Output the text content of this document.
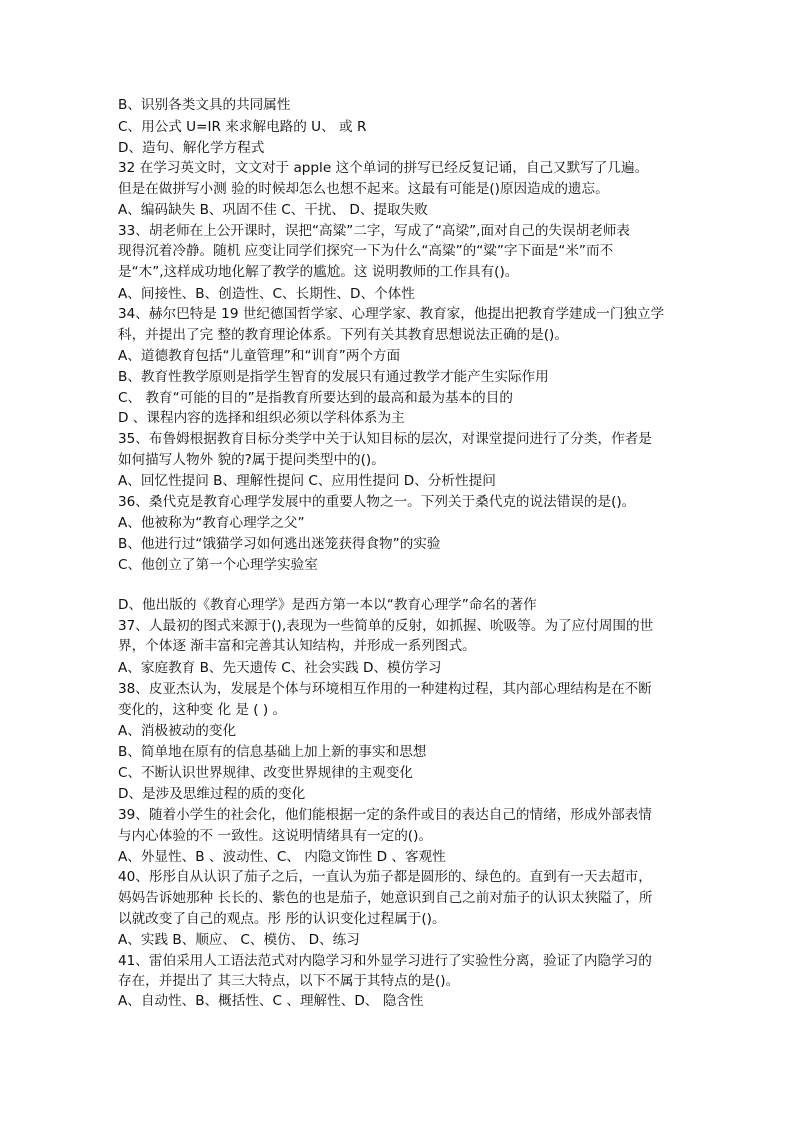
B、识别各类文具的共同属性
C、用公式 U=IR 来求解电路的 U、 或 R
D、造句、解化学方程式
32 在学习英文时，文文对于 apple 这个单词的拼写已经反复记诵，自己又默写了几遍。
但是在做拼写小测 验的时候却怎么也想不起来。这最有可能是()原因造成的遗忘。
A、编码缺失 B、巩固不佳 C、干扰、 D、提取失败
33、胡老师在上公开课时，误把“高粱”二字，写成了“高梁”,面对自己的失误胡老师表
现得沉着冷静。随机 应变让同学们探究一下为什么“高粱”的“粱”字下面是“米”而不
是“木”,这样成功地化解了教学的尴尬。这 说明教师的工作具有()。
A、间接性、B、创造性、C、长期性、D、个体性
34、赫尔巴特是 19 世纪德国哲学家、心理学家、教育家，他提出把教育学建成一门独立学
科，并提出了完 整的教育理论体系。下列有关其教育思想说法正确的是()。
A、道德教育包括“儿童管理”和“训育”两个方面
B、教育性教学原则是指学生智育的发展只有通过教学才能产生实际作用
C、 教育“可能的目的”是指教育所要达到的最高和最为基本的目的
D 、课程内容的选择和组织必须以学科体系为主
35、布鲁姆根据教育目标分类学中关于认知目标的层次，对课堂提问进行了分类，作者是
如何描写人物外 貌的?属于提问类型中的()。
A、回忆性提问 B、理解性提问 C、应用性提问 D、分析性提问
36、桑代克是教育心理学发展中的重要人物之一。下列关于桑代克的说法错误的是()。
A、他被称为“教育心理学之父”
B、他进行过“饿猫学习如何逃出迷笼获得食物”的实验
C、他创立了第一个心理学实验室
D、他出版的《教育心理学》是西方第一本以“教育心理学”命名的著作
37、人最初的图式来源于(),表现为一些简单的反射，如抓握、吮吸等。为了应付周围的世
界，个体逐 渐丰富和完善其认知结构，并形成一系列图式。
A、家庭教育 B、先天遗传 C、社会实践 D、模仿学习
38、皮亚杰认为，发展是个体与环境相互作用的一种建构过程，其内部心理结构是在不断
变化的，这种变 化 是 ( ) 。
A、消极被动的变化
B、简单地在原有的信息基础上加上新的事实和思想
C、不断认识世界规律、改变世界规律的主观变化
D、是涉及思维过程的质的变化
39、随着小学生的社会化，他们能根据一定的条件或目的表达自己的情绪，形成外部表情
与内心体验的不 一致性。这说明情绪具有一定的()。
A、外显性、B 、波动性、C、 内隐文饰性 D 、客观性
40、彤彤自从认识了茄子之后，一直认为茄子都是圆形的、绿色的。直到有一天去超市，
妈妈告诉她那种 长长的、紫色的也是茄子，她意识到自己之前对茄子的认识太狭隘了，所
以就改变了自己的观点。彤 彤的认识变化过程属于()。
A、实践 B、顺应、 C、模仿、 D、练习
41、雷伯采用人工语法范式对内隐学习和外显学习进行了实验性分离，验证了内隐学习的
存在，并提出了 其三大特点，以下不属于其特点的是()。
A、自动性、B、概括性、C 、理解性、D、 隐含性
